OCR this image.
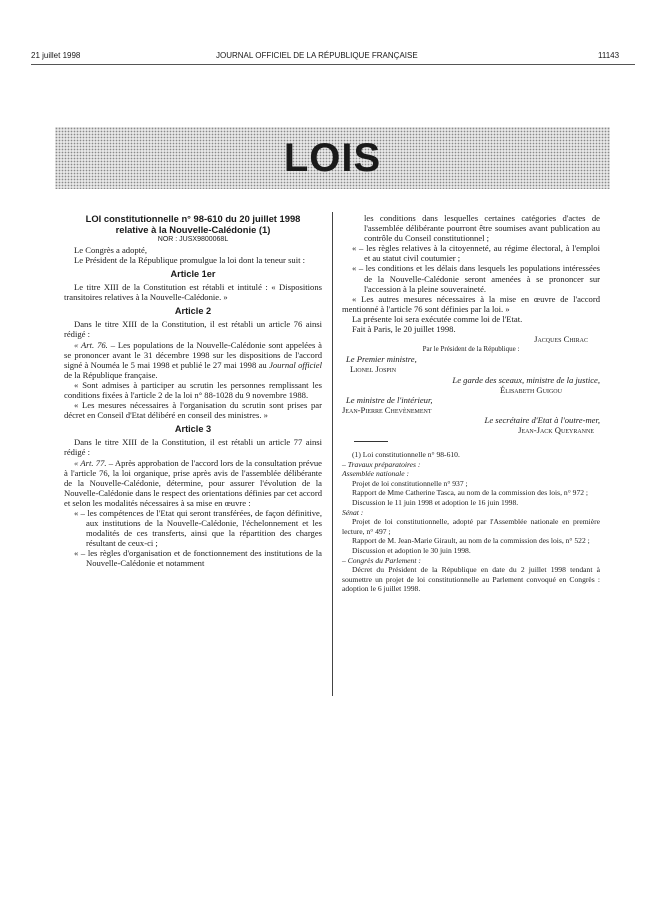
21 juillet 1998	JOURNAL OFFICIEL DE LA RÉPUBLIQUE FRANÇAISE	11143
LOIS

LOI constitutionnelle n° 98-610 du 20 juillet 1998

relative à la Nouvelle-Calédonie (1)

NOR : JUSX9800068L

Le Congrès a adopté,

Le Président de la République promulgue la loi dont la teneur suit :

Article 1er

Le titre XIII de la Constitution est rétabli et intitulé : « Dispositions transitoires relatives à la Nouvelle-Calédonie. »

Article 2

Dans le titre XIII de la Constitution, il est rétabli un article 76 ainsi rédigé :

« Art. 76. – Les populations de la Nouvelle-Calédonie sont appelées à se prononcer avant le 31 décembre 1998 sur les dispositions de l'accord signé à Nouméa le 5 mai 1998 et publié le 27 mai 1998 au Journal officiel de la République française.

« Sont admises à participer au scrutin les personnes remplissant les conditions fixées à l'article 2 de la loi n° 88-1028 du 9 novembre 1988.

« Les mesures nécessaires à l'organisation du scrutin sont prises par décret en Conseil d'Etat délibéré en conseil des ministres. »

Article 3

Dans le titre XIII de la Constitution, il est rétabli un article 77 ainsi rédigé :

« Art. 77. – Après approbation de l'accord lors de la consultation prévue à l'article 76, la loi organique, prise après avis de l'assemblée délibérante de la Nouvelle-Calédonie, détermine, pour assurer l'évolution de la Nouvelle-Calédonie dans le respect des orientations définies par cet accord et selon les modalités nécessaires à sa mise en œuvre :

« – les compétences de l'Etat qui seront transférées, de façon définitive, aux institutions de la Nouvelle-Calédonie, l'échelonnement et les modalités de ces transferts, ainsi que la répartition des charges résultant de ceux-ci ;

« – les règles d'organisation et de fonctionnement des institutions de la Nouvelle-Calédonie et notamment

les conditions dans lesquelles certaines catégories d'actes de l'assemblée délibérante pourront être soumises avant publication au contrôle du Conseil constitutionnel ;

« – les règles relatives à la citoyenneté, au régime électoral, à l'emploi et au statut civil coutumier ;

« – les conditions et les délais dans lesquels les populations intéressées de la Nouvelle-Calédonie seront amenées à se prononcer sur l'accession à la pleine souveraineté.

« Les autres mesures nécessaires à la mise en œuvre de l'accord mentionné à l'article 76 sont définies par la loi. »

La présente loi sera exécutée comme loi de l'Etat.

Fait à Paris, le 20 juillet 1998.

Jacques Chirac

Par le Président de la République :

Le Premier ministre,

Lionel Jospin

Le garde des sceaux, ministre de la justice,

Élisabeth Guigou

Le ministre de l'intérieur,

Jean-Pierre Chevènement

Le secrétaire d'Etat à l'outre-mer,

Jean-Jack Queyranne

(1) Loi constitutionnelle n° 98-610.

– Travaux préparatoires :

Assemblée nationale :

Projet de loi constitutionnelle n° 937 ;

Rapport de Mme Catherine Tasca, au nom de la commission des lois, n° 972 ;

Discussion le 11 juin 1998 et adoption le 16 juin 1998.

Sénat :

Projet de loi constitutionnelle, adopté par l'Assemblée nationale en première lecture, n° 497 ;

Rapport de M. Jean-Marie Girault, au nom de la commission des lois, n° 522 ;

Discussion et adoption le 30 juin 1998.

– Congrès du Parlement :

Décret du Président de la République en date du 2 juillet 1998 tendant à soumettre un projet de loi constitutionnelle au Parlement convoqué en Congrès : adoption le 6 juillet 1998.
